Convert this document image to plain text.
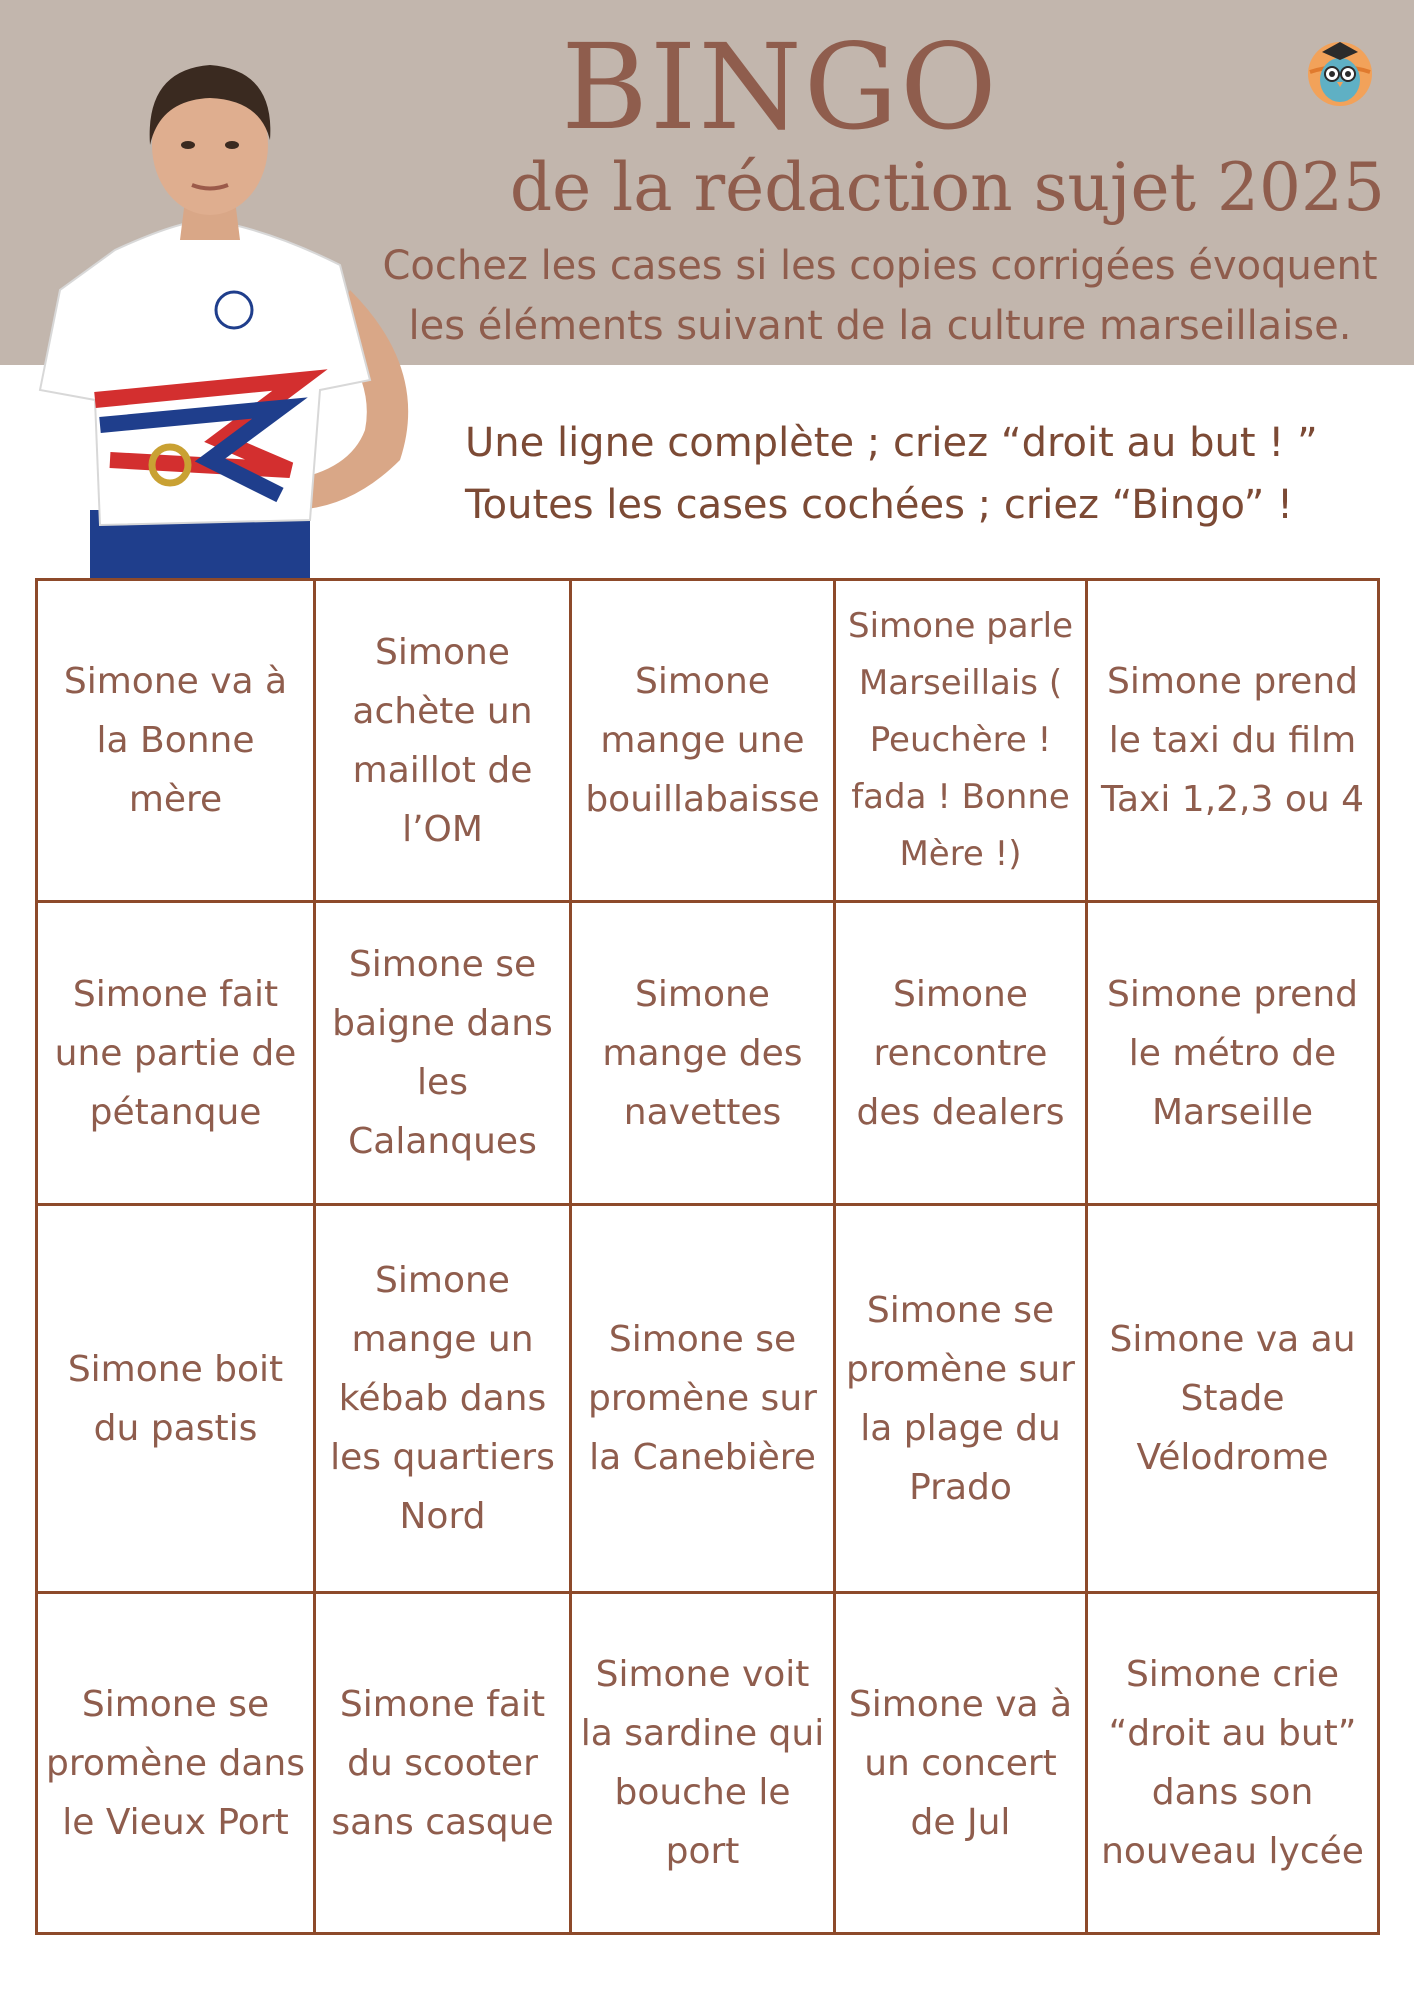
BINGO
de la rédaction sujet 2025
Cochez les cases si les copies corrigées évoquent
les éléments suivant de la culture marseillaise.
Une ligne complète ; criez “droit au but ! ”
Toutes les cases cochées ; criez “Bingo” !
Simone va à la Bonne mère
Simone achète un maillot de l’OM
Simone mange une bouillabaisse
Simone parle Marseillais ( Peuchère ! fada ! Bonne Mère !)
Simone prend le taxi du film Taxi 1,2,3 ou 4
Simone fait une partie de pétanque
Simone se baigne dans les Calanques
Simone mange des navettes
Simone rencontre des dealers
Simone prend le métro de Marseille
Simone boit du pastis
Simone mange un kébab dans les quartiers Nord
Simone se promène sur la Canebière
Simone se promène sur la plage du Prado
Simone va au Stade Vélodrome
Simone se promène dans le Vieux Port
Simone fait du scooter sans casque
Simone voit la sardine qui bouche le port
Simone va à un concert de Jul
Simone crie “droit au but” dans son nouveau lycée
